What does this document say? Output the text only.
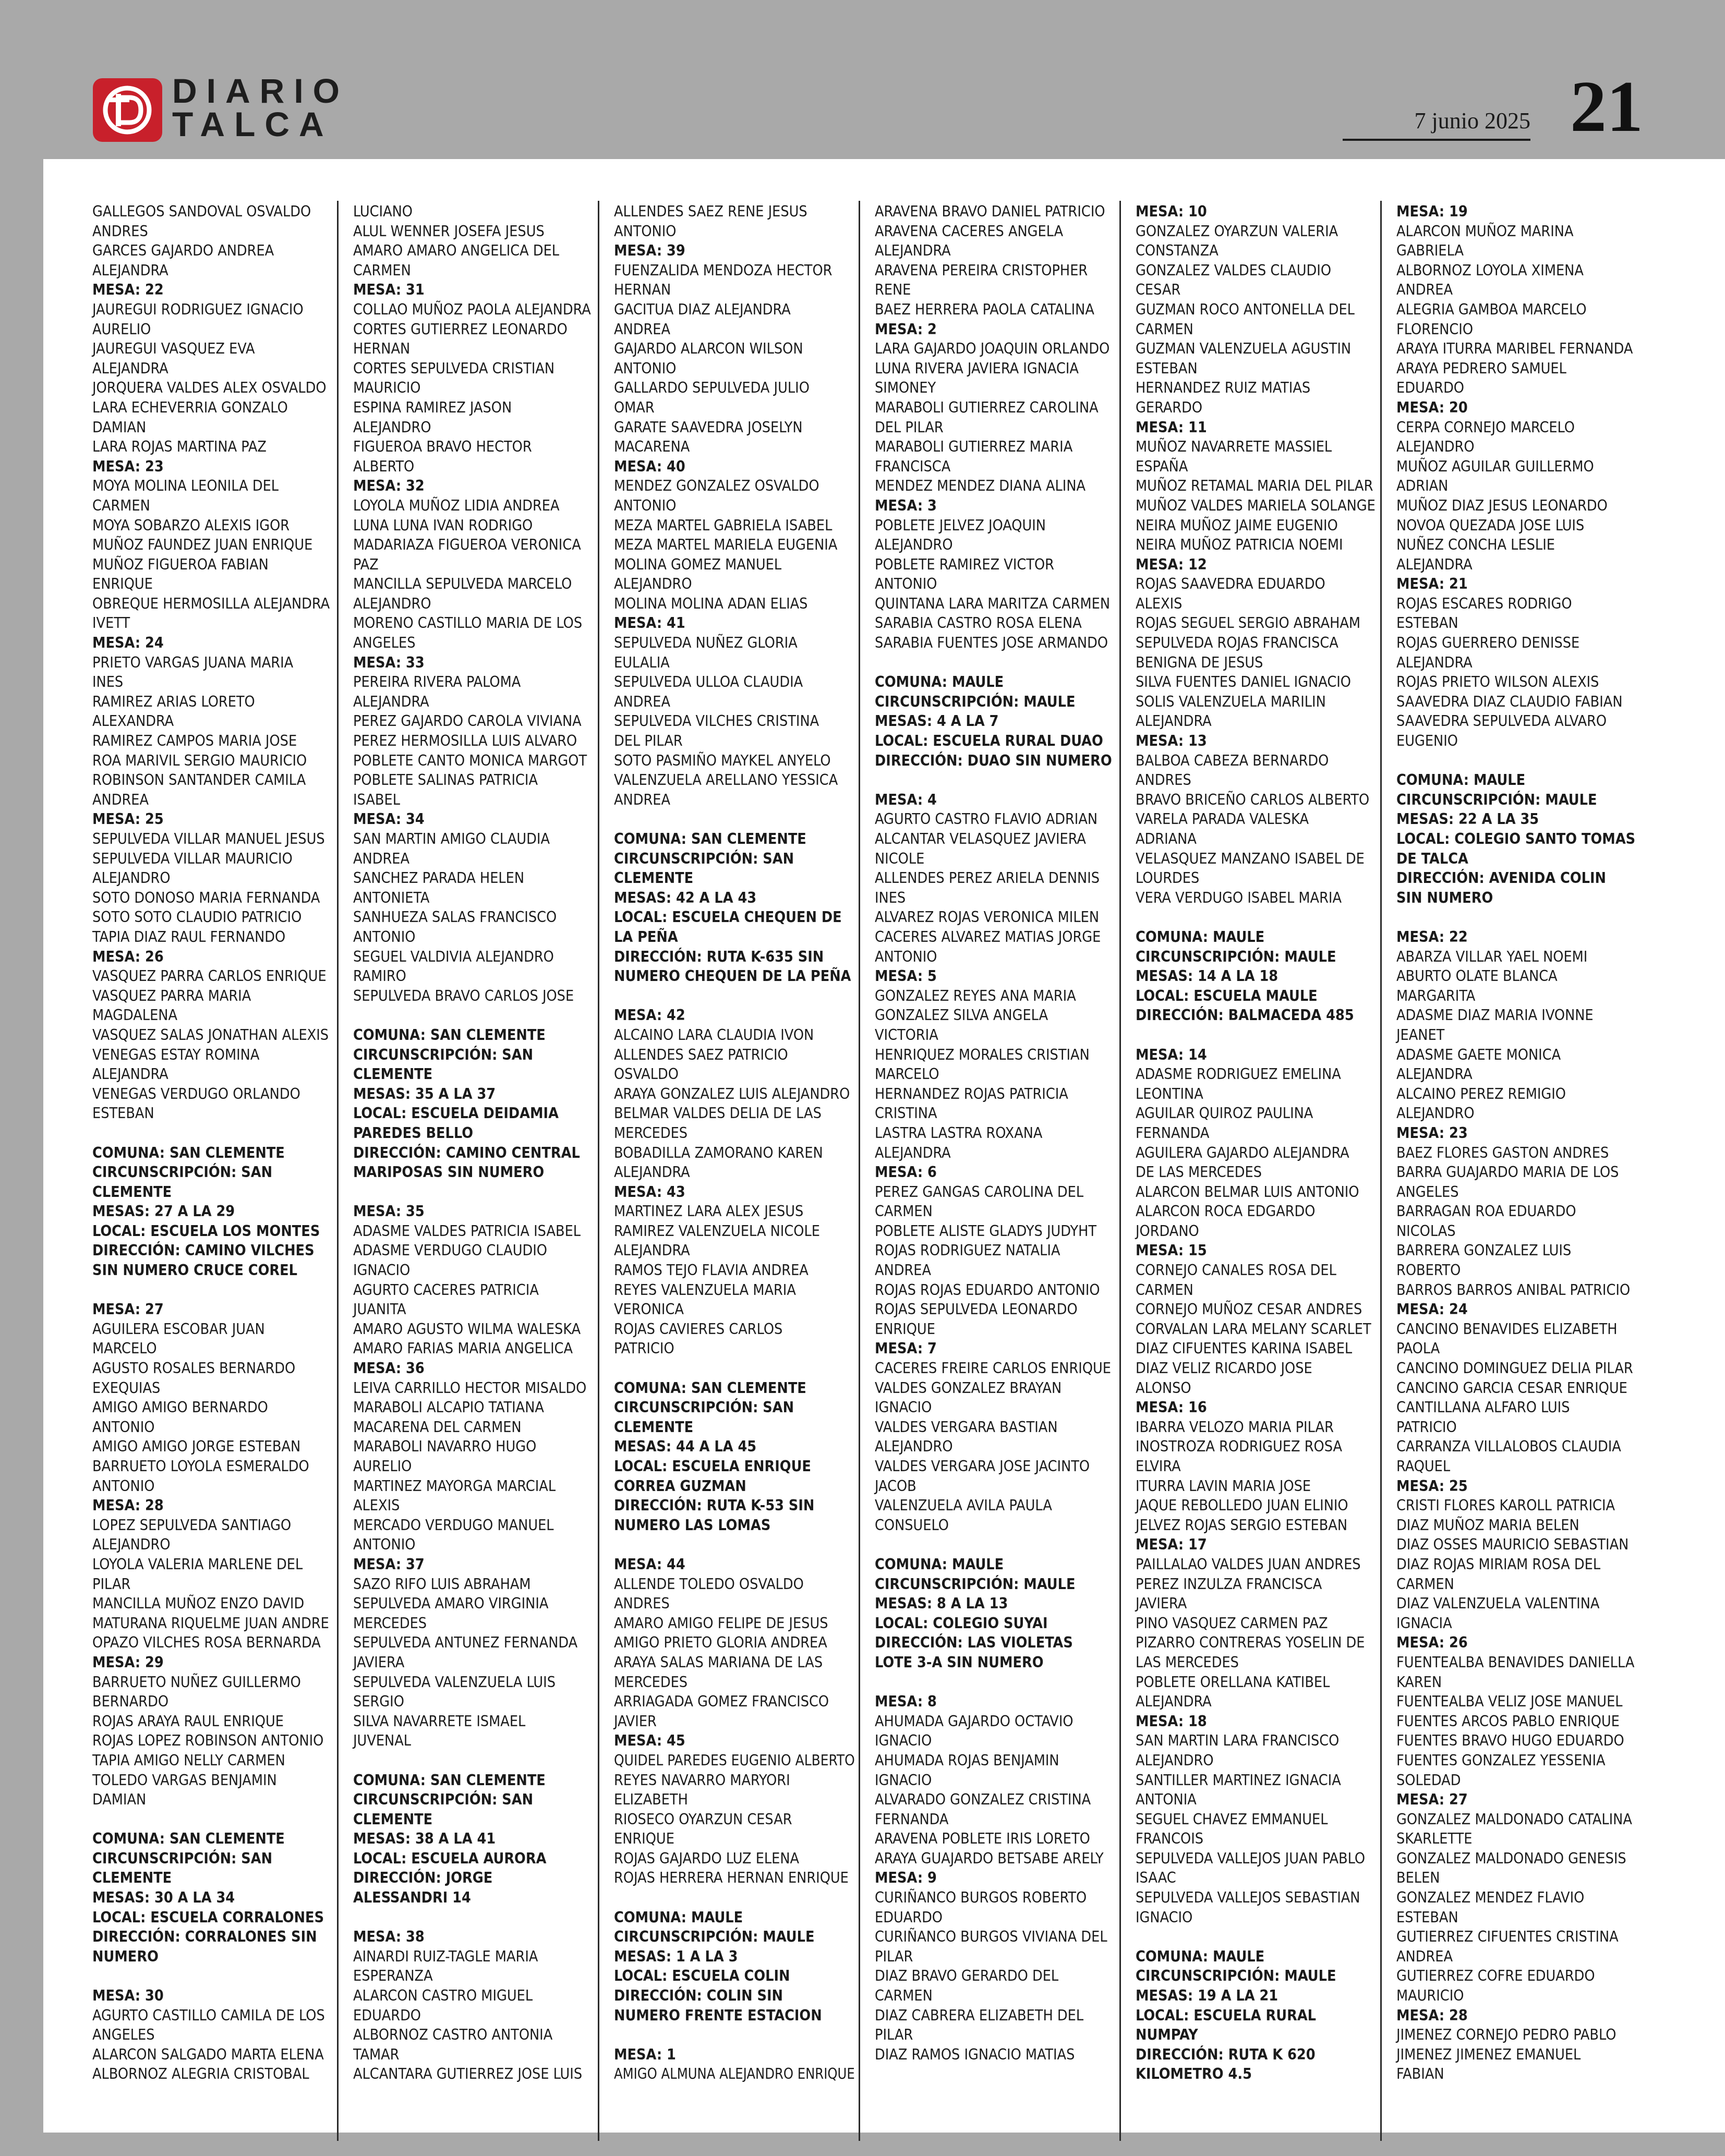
DIARIO
TALCA	7 junio 2025 21
GALLEGOS SANDOVAL OSVALDO
ANDRES
GARCES GAJARDO ANDREA
ALEJANDRA
MESA: 22
JAUREGUI RODRIGUEZ IGNACIO
AURELIO
JAUREGUI VASQUEZ EVA
ALEJANDRA
JORQUERA VALDES ALEX OSVALDO
LARA ECHEVERRIA GONZALO
DAMIAN
LARA ROJAS MARTINA PAZ
MESA: 23
MOYA MOLINA LEONILA DEL
CARMEN
MOYA SOBARZO ALEXIS IGOR
MUÑOZ FAUNDEZ JUAN ENRIQUE
MUÑOZ FIGUEROA FABIAN
ENRIQUE
OBREQUE HERMOSILLA ALEJANDRA
IVETT
MESA: 24
PRIETO VARGAS JUANA MARIA
INES
RAMIREZ ARIAS LORETO
ALEXANDRA
RAMIREZ CAMPOS MARIA JOSE
ROA MARIVIL SERGIO MAURICIO
ROBINSON SANTANDER CAMILA
ANDREA
MESA: 25
SEPULVEDA VILLAR MANUEL JESUS
SEPULVEDA VILLAR MAURICIO
ALEJANDRO
SOTO DONOSO MARIA FERNANDA
SOTO SOTO CLAUDIO PATRICIO
TAPIA DIAZ RAUL FERNANDO
MESA: 26
VASQUEZ PARRA CARLOS ENRIQUE
VASQUEZ PARRA MARIA
MAGDALENA
VASQUEZ SALAS JONATHAN ALEXIS
VENEGAS ESTAY ROMINA
ALEJANDRA
VENEGAS VERDUGO ORLANDO
ESTEBAN
COMUNA: SAN CLEMENTE
CIRCUNSCRIPCIÓN: SAN
CLEMENTE
MESAS: 27 A LA 29
LOCAL: ESCUELA LOS MONTES
DIRECCIÓN: CAMINO VILCHES
SIN NUMERO CRUCE COREL
MESA: 27
AGUILERA ESCOBAR JUAN
MARCELO
AGUSTO ROSALES BERNARDO
EXEQUIAS
AMIGO AMIGO BERNARDO
ANTONIO
AMIGO AMIGO JORGE ESTEBAN
BARRUETO LOYOLA ESMERALDO
ANTONIO
MESA: 28
LOPEZ SEPULVEDA SANTIAGO
ALEJANDRO
LOYOLA VALERIA MARLENE DEL
PILAR
MANCILLA MUÑOZ ENZO DAVID
MATURANA RIQUELME JUAN ANDRE
OPAZO VILCHES ROSA BERNARDA
MESA: 29
BARRUETO NUÑEZ GUILLERMO
BERNARDO
ROJAS ARAYA RAUL ENRIQUE
ROJAS LOPEZ ROBINSON ANTONIO
TAPIA AMIGO NELLY CARMEN
TOLEDO VARGAS BENJAMIN
DAMIAN
COMUNA: SAN CLEMENTE
CIRCUNSCRIPCIÓN: SAN
CLEMENTE
MESAS: 30 A LA 34
LOCAL: ESCUELA CORRALONES
DIRECCIÓN: CORRALONES SIN
NUMERO
MESA: 30
AGURTO CASTILLO CAMILA DE LOS
ANGELES
ALARCON SALGADO MARTA ELENA
ALBORNOZ ALEGRIA CRISTOBAL
LUCIANO
ALUL WENNER JOSEFA JESUS
AMARO AMARO ANGELICA DEL
CARMEN
MESA: 31
COLLAO MUÑOZ PAOLA ALEJANDRA
CORTES GUTIERREZ LEONARDO
HERNAN
CORTES SEPULVEDA CRISTIAN
MAURICIO
ESPINA RAMIREZ JASON
ALEJANDRO
FIGUEROA BRAVO HECTOR
ALBERTO
MESA: 32
LOYOLA MUÑOZ LIDIA ANDREA
LUNA LUNA IVAN RODRIGO
MADARIAZA FIGUEROA VERONICA
PAZ
MANCILLA SEPULVEDA MARCELO
ALEJANDRO
MORENO CASTILLO MARIA DE LOS
ANGELES
MESA: 33
PEREIRA RIVERA PALOMA
ALEJANDRA
PEREZ GAJARDO CAROLA VIVIANA
PEREZ HERMOSILLA LUIS ALVARO
POBLETE CANTO MONICA MARGOT
POBLETE SALINAS PATRICIA
ISABEL
MESA: 34
SAN MARTIN AMIGO CLAUDIA
ANDREA
SANCHEZ PARADA HELEN
ANTONIETA
SANHUEZA SALAS FRANCISCO
ANTONIO
SEGUEL VALDIVIA ALEJANDRO
RAMIRO
SEPULVEDA BRAVO CARLOS JOSE
COMUNA: SAN CLEMENTE
CIRCUNSCRIPCIÓN: SAN
CLEMENTE
MESAS: 35 A LA 37
LOCAL: ESCUELA DEIDAMIA
PAREDES BELLO
DIRECCIÓN: CAMINO CENTRAL
MARIPOSAS SIN NUMERO
MESA: 35
ADASME VALDES PATRICIA ISABEL
ADASME VERDUGO CLAUDIO
IGNACIO
AGURTO CACERES PATRICIA
JUANITA
AMARO AGUSTO WILMA WALESKA
AMARO FARIAS MARIA ANGELICA
MESA: 36
LEIVA CARRILLO HECTOR MISALDO
MARABOLI ALCAPIO TATIANA
MACARENA DEL CARMEN
MARABOLI NAVARRO HUGO
AURELIO
MARTINEZ MAYORGA MARCIAL
ALEXIS
MERCADO VERDUGO MANUEL
ANTONIO
MESA: 37
SAZO RIFO LUIS ABRAHAM
SEPULVEDA AMARO VIRGINIA
MERCEDES
SEPULVEDA ANTUNEZ FERNANDA
JAVIERA
SEPULVEDA VALENZUELA LUIS
SERGIO
SILVA NAVARRETE ISMAEL
JUVENAL
COMUNA: SAN CLEMENTE
CIRCUNSCRIPCIÓN: SAN
CLEMENTE
MESAS: 38 A LA 41
LOCAL: ESCUELA AURORA
DIRECCIÓN: JORGE
ALESSANDRI 14
MESA: 38
AINARDI RUIZ-TAGLE MARIA
ESPERANZA
ALARCON CASTRO MIGUEL
EDUARDO
ALBORNOZ CASTRO ANTONIA
TAMAR
ALCANTARA GUTIERREZ JOSE LUIS
ALLENDES SAEZ RENE JESUS
ANTONIO
MESA: 39
FUENZALIDA MENDOZA HECTOR
HERNAN
GACITUA DIAZ ALEJANDRA
ANDREA
GAJARDO ALARCON WILSON
ANTONIO
GALLARDO SEPULVEDA JULIO
OMAR
GARATE SAAVEDRA JOSELYN
MACARENA
MESA: 40
MENDEZ GONZALEZ OSVALDO
ANTONIO
MEZA MARTEL GABRIELA ISABEL
MEZA MARTEL MARIELA EUGENIA
MOLINA GOMEZ MANUEL
ALEJANDRO
MOLINA MOLINA ADAN ELIAS
MESA: 41
SEPULVEDA NUÑEZ GLORIA
EULALIA
SEPULVEDA ULLOA CLAUDIA
ANDREA
SEPULVEDA VILCHES CRISTINA
DEL PILAR
SOTO PASMIÑO MAYKEL ANYELO
VALENZUELA ARELLANO YESSICA
ANDREA
COMUNA: SAN CLEMENTE
CIRCUNSCRIPCIÓN: SAN
CLEMENTE
MESAS: 42 A LA 43
LOCAL: ESCUELA CHEQUEN DE
LA PEÑA
DIRECCIÓN: RUTA K-635 SIN
NUMERO CHEQUEN DE LA PEÑA
MESA: 42
ALCAINO LARA CLAUDIA IVON
ALLENDES SAEZ PATRICIO
OSVALDO
ARAYA GONZALEZ LUIS ALEJANDRO
BELMAR VALDES DELIA DE LAS
MERCEDES
BOBADILLA ZAMORANO KAREN
ALEJANDRA
MESA: 43
MARTINEZ LARA ALEX JESUS
RAMIREZ VALENZUELA NICOLE
ALEJANDRA
RAMOS TEJO FLAVIA ANDREA
REYES VALENZUELA MARIA
VERONICA
ROJAS CAVIERES CARLOS
PATRICIO
COMUNA: SAN CLEMENTE
CIRCUNSCRIPCIÓN: SAN
CLEMENTE
MESAS: 44 A LA 45
LOCAL: ESCUELA ENRIQUE
CORREA GUZMAN
DIRECCIÓN: RUTA K-53 SIN
NUMERO LAS LOMAS
MESA: 44
ALLENDE TOLEDO OSVALDO
ANDRES
AMARO AMIGO FELIPE DE JESUS
AMIGO PRIETO GLORIA ANDREA
ARAYA SALAS MARIANA DE LAS
MERCEDES
ARRIAGADA GOMEZ FRANCISCO
JAVIER
MESA: 45
QUIDEL PAREDES EUGENIO ALBERTO
REYES NAVARRO MARYORI
ELIZABETH
RIOSECO OYARZUN CESAR
ENRIQUE
ROJAS GAJARDO LUZ ELENA
ROJAS HERRERA HERNAN ENRIQUE
COMUNA: MAULE
CIRCUNSCRIPCIÓN: MAULE
MESAS: 1 A LA 3
LOCAL: ESCUELA COLIN
DIRECCIÓN: COLIN SIN
NUMERO FRENTE ESTACION
MESA: 1
AMIGO ALMUNA ALEJANDRO ENRIQUE
ARAVENA BRAVO DANIEL PATRICIO
ARAVENA CACERES ANGELA
ALEJANDRA
ARAVENA PEREIRA CRISTOPHER
RENE
BAEZ HERRERA PAOLA CATALINA
MESA: 2
LARA GAJARDO JOAQUIN ORLANDO
LUNA RIVERA JAVIERA IGNACIA
SIMONEY
MARABOLI GUTIERREZ CAROLINA
DEL PILAR
MARABOLI GUTIERREZ MARIA
FRANCISCA
MENDEZ MENDEZ DIANA ALINA
MESA: 3
POBLETE JELVEZ JOAQUIN
ALEJANDRO
POBLETE RAMIREZ VICTOR
ANTONIO
QUINTANA LARA MARITZA CARMEN
SARABIA CASTRO ROSA ELENA
SARABIA FUENTES JOSE ARMANDO
COMUNA: MAULE
CIRCUNSCRIPCIÓN: MAULE
MESAS: 4 A LA 7
LOCAL: ESCUELA RURAL DUAO
DIRECCIÓN: DUAO SIN NUMERO
MESA: 4
AGURTO CASTRO FLAVIO ADRIAN
ALCANTAR VELASQUEZ JAVIERA
NICOLE
ALLENDES PEREZ ARIELA DENNIS
INES
ALVAREZ ROJAS VERONICA MILEN
CACERES ALVAREZ MATIAS JORGE
ANTONIO
MESA: 5
GONZALEZ REYES ANA MARIA
GONZALEZ SILVA ANGELA
VICTORIA
HENRIQUEZ MORALES CRISTIAN
MARCELO
HERNANDEZ ROJAS PATRICIA
CRISTINA
LASTRA LASTRA ROXANA
ALEJANDRA
MESA: 6
PEREZ GANGAS CAROLINA DEL
CARMEN
POBLETE ALISTE GLADYS JUDYHT
ROJAS RODRIGUEZ NATALIA
ANDREA
ROJAS ROJAS EDUARDO ANTONIO
ROJAS SEPULVEDA LEONARDO
ENRIQUE
MESA: 7
CACERES FREIRE CARLOS ENRIQUE
VALDES GONZALEZ BRAYAN
IGNACIO
VALDES VERGARA BASTIAN
ALEJANDRO
VALDES VERGARA JOSE JACINTO
JACOB
VALENZUELA AVILA PAULA
CONSUELO
COMUNA: MAULE
CIRCUNSCRIPCIÓN: MAULE
MESAS: 8 A LA 13
LOCAL: COLEGIO SUYAI
DIRECCIÓN: LAS VIOLETAS
LOTE 3-A SIN NUMERO
MESA: 8
AHUMADA GAJARDO OCTAVIO
IGNACIO
AHUMADA ROJAS BENJAMIN
IGNACIO
ALVARADO GONZALEZ CRISTINA
FERNANDA
ARAVENA POBLETE IRIS LORETO
ARAYA GUAJARDO BETSABE ARELY
MESA: 9
CURIÑANCO BURGOS ROBERTO
EDUARDO
CURIÑANCO BURGOS VIVIANA DEL
PILAR
DIAZ BRAVO GERARDO DEL
CARMEN
DIAZ CABRERA ELIZABETH DEL
PILAR
DIAZ RAMOS IGNACIO MATIAS
MESA: 10
GONZALEZ OYARZUN VALERIA
CONSTANZA
GONZALEZ VALDES CLAUDIO
CESAR
GUZMAN ROCO ANTONELLA DEL
CARMEN
GUZMAN VALENZUELA AGUSTIN
ESTEBAN
HERNANDEZ RUIZ MATIAS
GERARDO
MESA: 11
MUÑOZ NAVARRETE MASSIEL
ESPAÑA
MUÑOZ RETAMAL MARIA DEL PILAR
MUÑOZ VALDES MARIELA SOLANGE
NEIRA MUÑOZ JAIME EUGENIO
NEIRA MUÑOZ PATRICIA NOEMI
MESA: 12
ROJAS SAAVEDRA EDUARDO
ALEXIS
ROJAS SEGUEL SERGIO ABRAHAM
SEPULVEDA ROJAS FRANCISCA
BENIGNA DE JESUS
SILVA FUENTES DANIEL IGNACIO
SOLIS VALENZUELA MARILIN
ALEJANDRA
MESA: 13
BALBOA CABEZA BERNARDO
ANDRES
BRAVO BRICEÑO CARLOS ALBERTO
VARELA PARADA VALESKA
ADRIANA
VELASQUEZ MANZANO ISABEL DE
LOURDES
VERA VERDUGO ISABEL MARIA
COMUNA: MAULE
CIRCUNSCRIPCIÓN: MAULE
MESAS: 14 A LA 18
LOCAL: ESCUELA MAULE
DIRECCIÓN: BALMACEDA 485
MESA: 14
ADASME RODRIGUEZ EMELINA
LEONTINA
AGUILAR QUIROZ PAULINA
FERNANDA
AGUILERA GAJARDO ALEJANDRA
DE LAS MERCEDES
ALARCON BELMAR LUIS ANTONIO
ALARCON ROCA EDGARDO
JORDANO
MESA: 15
CORNEJO CANALES ROSA DEL
CARMEN
CORNEJO MUÑOZ CESAR ANDRES
CORVALAN LARA MELANY SCARLET
DIAZ CIFUENTES KARINA ISABEL
DIAZ VELIZ RICARDO JOSE
ALONSO
MESA: 16
IBARRA VELOZO MARIA PILAR
INOSTROZA RODRIGUEZ ROSA
ELVIRA
ITURRA LAVIN MARIA JOSE
JAQUE REBOLLEDO JUAN ELINIO
JELVEZ ROJAS SERGIO ESTEBAN
MESA: 17
PAILLALAO VALDES JUAN ANDRES
PEREZ INZULZA FRANCISCA
JAVIERA
PINO VASQUEZ CARMEN PAZ
PIZARRO CONTRERAS YOSELIN DE
LAS MERCEDES
POBLETE ORELLANA KATIBEL
ALEJANDRA
MESA: 18
SAN MARTIN LARA FRANCISCO
ALEJANDRO
SANTILLER MARTINEZ IGNACIA
ANTONIA
SEGUEL CHAVEZ EMMANUEL
FRANCOIS
SEPULVEDA VALLEJOS JUAN PABLO
ISAAC
SEPULVEDA VALLEJOS SEBASTIAN
IGNACIO
COMUNA: MAULE
CIRCUNSCRIPCIÓN: MAULE
MESAS: 19 A LA 21
LOCAL: ESCUELA RURAL
NUMPAY
DIRECCIÓN: RUTA K 620
KILOMETRO 4.5
MESA: 19
ALARCON MUÑOZ MARINA
GABRIELA
ALBORNOZ LOYOLA XIMENA
ANDREA
ALEGRIA GAMBOA MARCELO
FLORENCIO
ARAYA ITURRA MARIBEL FERNANDA
ARAYA PEDRERO SAMUEL
EDUARDO
MESA: 20
CERPA CORNEJO MARCELO
ALEJANDRO
MUÑOZ AGUILAR GUILLERMO
ADRIAN
MUÑOZ DIAZ JESUS LEONARDO
NOVOA QUEZADA JOSE LUIS
NUÑEZ CONCHA LESLIE
ALEJANDRA
MESA: 21
ROJAS ESCARES RODRIGO
ESTEBAN
ROJAS GUERRERO DENISSE
ALEJANDRA
ROJAS PRIETO WILSON ALEXIS
SAAVEDRA DIAZ CLAUDIO FABIAN
SAAVEDRA SEPULVEDA ALVARO
EUGENIO
COMUNA: MAULE
CIRCUNSCRIPCIÓN: MAULE
MESAS: 22 A LA 35
LOCAL: COLEGIO SANTO TOMAS
DE TALCA
DIRECCIÓN: AVENIDA COLIN
SIN NUMERO
MESA: 22
ABARZA VILLAR YAEL NOEMI
ABURTO OLATE BLANCA
MARGARITA
ADASME DIAZ MARIA IVONNE
JEANET
ADASME GAETE MONICA
ALEJANDRA
ALCAINO PEREZ REMIGIO
ALEJANDRO
MESA: 23
BAEZ FLORES GASTON ANDRES
BARRA GUAJARDO MARIA DE LOS
ANGELES
BARRAGAN ROA EDUARDO
NICOLAS
BARRERA GONZALEZ LUIS
ROBERTO
BARROS BARROS ANIBAL PATRICIO
MESA: 24
CANCINO BENAVIDES ELIZABETH
PAOLA
CANCINO DOMINGUEZ DELIA PILAR
CANCINO GARCIA CESAR ENRIQUE
CANTILLANA ALFARO LUIS
PATRICIO
CARRANZA VILLALOBOS CLAUDIA
RAQUEL
MESA: 25
CRISTI FLORES KAROLL PATRICIA
DIAZ MUÑOZ MARIA BELEN
DIAZ OSSES MAURICIO SEBASTIAN
DIAZ ROJAS MIRIAM ROSA DEL
CARMEN
DIAZ VALENZUELA VALENTINA
IGNACIA
MESA: 26
FUENTEALBA BENAVIDES DANIELLA
KAREN
FUENTEALBA VELIZ JOSE MANUEL
FUENTES ARCOS PABLO ENRIQUE
FUENTES BRAVO HUGO EDUARDO
FUENTES GONZALEZ YESSENIA
SOLEDAD
MESA: 27
GONZALEZ MALDONADO CATALINA
SKARLETTE
GONZALEZ MALDONADO GENESIS
BELEN
GONZALEZ MENDEZ FLAVIO
ESTEBAN
GUTIERREZ CIFUENTES CRISTINA
ANDREA
GUTIERREZ COFRE EDUARDO
MAURICIO
MESA: 28
JIMENEZ CORNEJO PEDRO PABLO
JIMENEZ JIMENEZ EMANUEL
FABIAN
